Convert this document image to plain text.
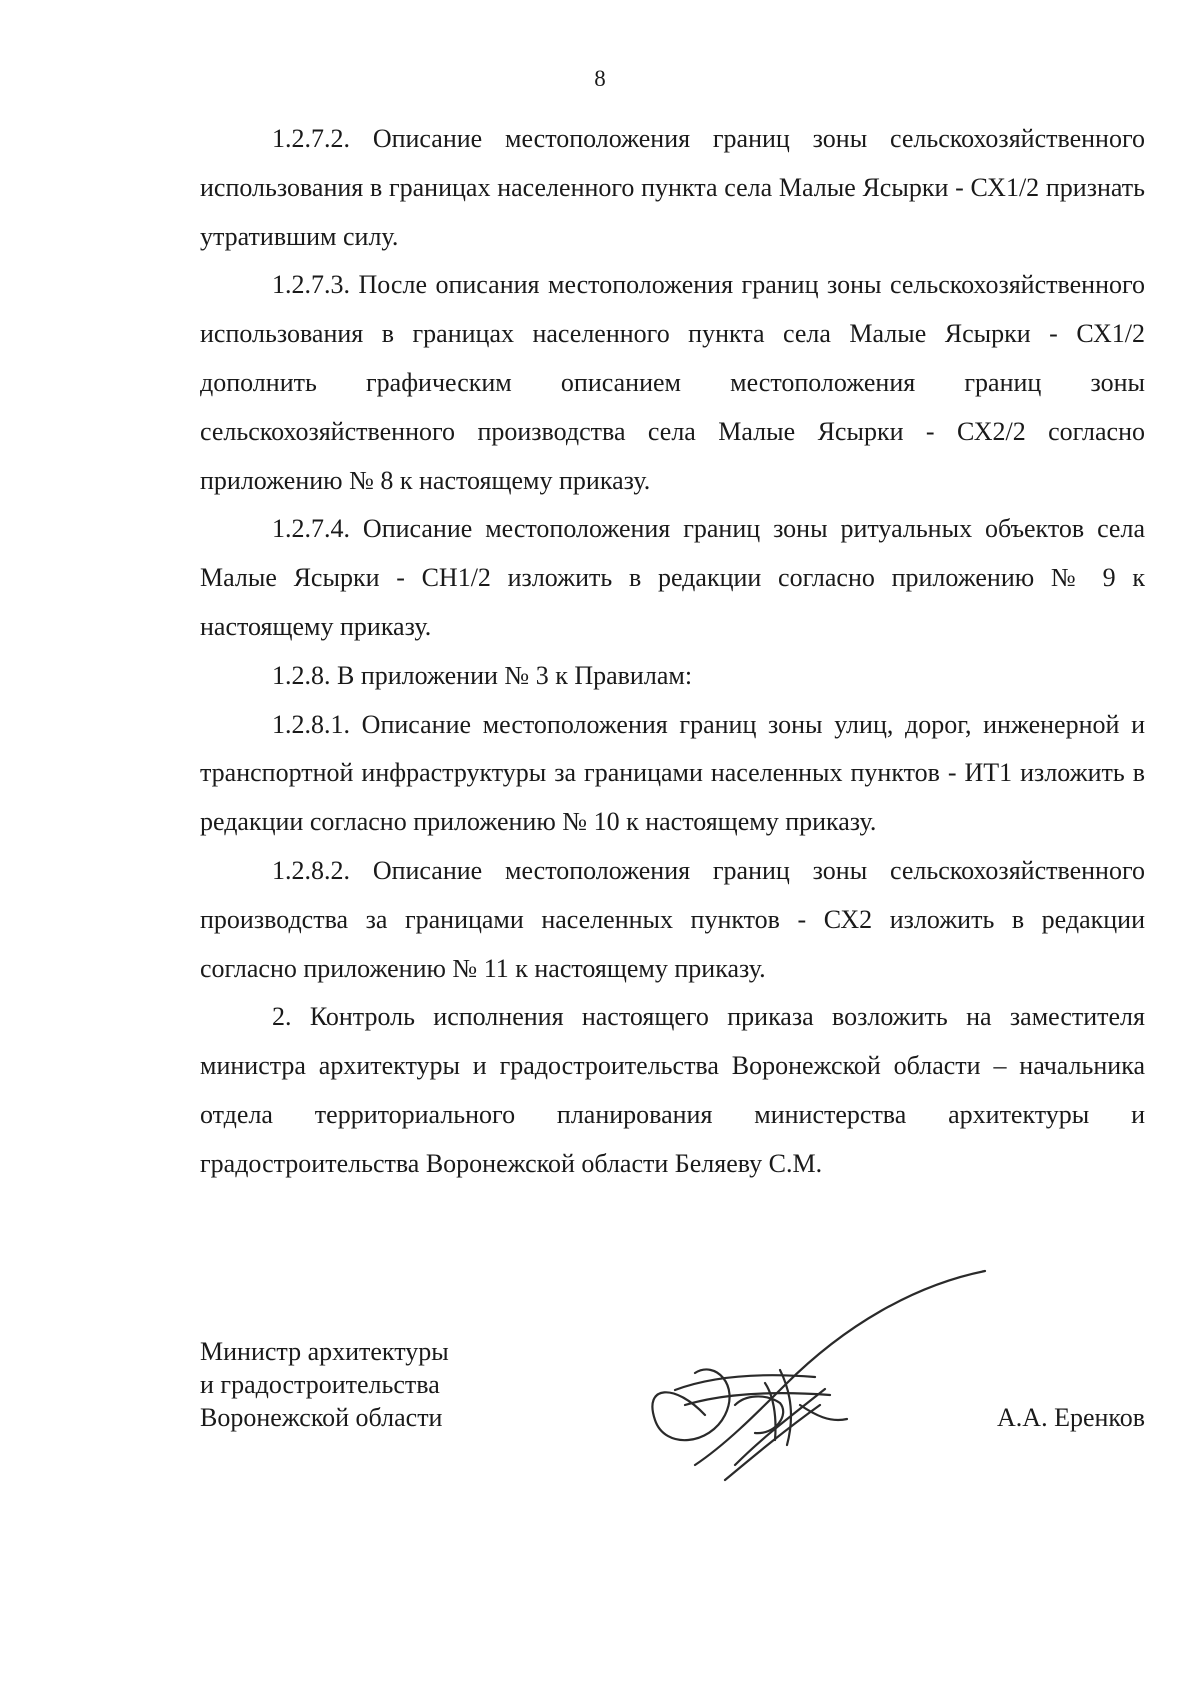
8

1.2.7.2. Описание местоположения границ зоны сельскохозяйственного использования в границах населенного пункта села Малые Ясырки - СХ1/2 признать утратившим силу.

1.2.7.3. После описания местоположения границ зоны сельскохозяйственного использования в границах населенного пункта села Малые Ясырки - СХ1/2 дополнить графическим описанием местоположения границ зоны сельскохозяйственного производства села Малые Ясырки - СХ2/2 согласно приложению № 8 к настоящему приказу.

1.2.7.4. Описание местоположения границ зоны ритуальных объектов села Малые Ясырки - СН1/2 изложить в редакции согласно приложению № 9 к настоящему приказу.

1.2.8. В приложении № 3 к Правилам:

1.2.8.1. Описание местоположения границ зоны улиц, дорог, инженерной и транспортной инфраструктуры за границами населенных пунктов - ИТ1 изложить в редакции согласно приложению № 10 к настоящему приказу.

1.2.8.2. Описание местоположения границ зоны сельскохозяйственного производства за границами населенных пунктов - СХ2 изложить в редакции согласно приложению № 11 к настоящему приказу.

2. Контроль исполнения настоящего приказа возложить на заместителя министра архитектуры и градостроительства Воронежской области – начальника отдела территориального планирования министерства архитектуры и градостроительства Воронежской области Беляеву С.М.

Министр архитектуры
и градостроительства
Воронежской области	А.А. Еренков
